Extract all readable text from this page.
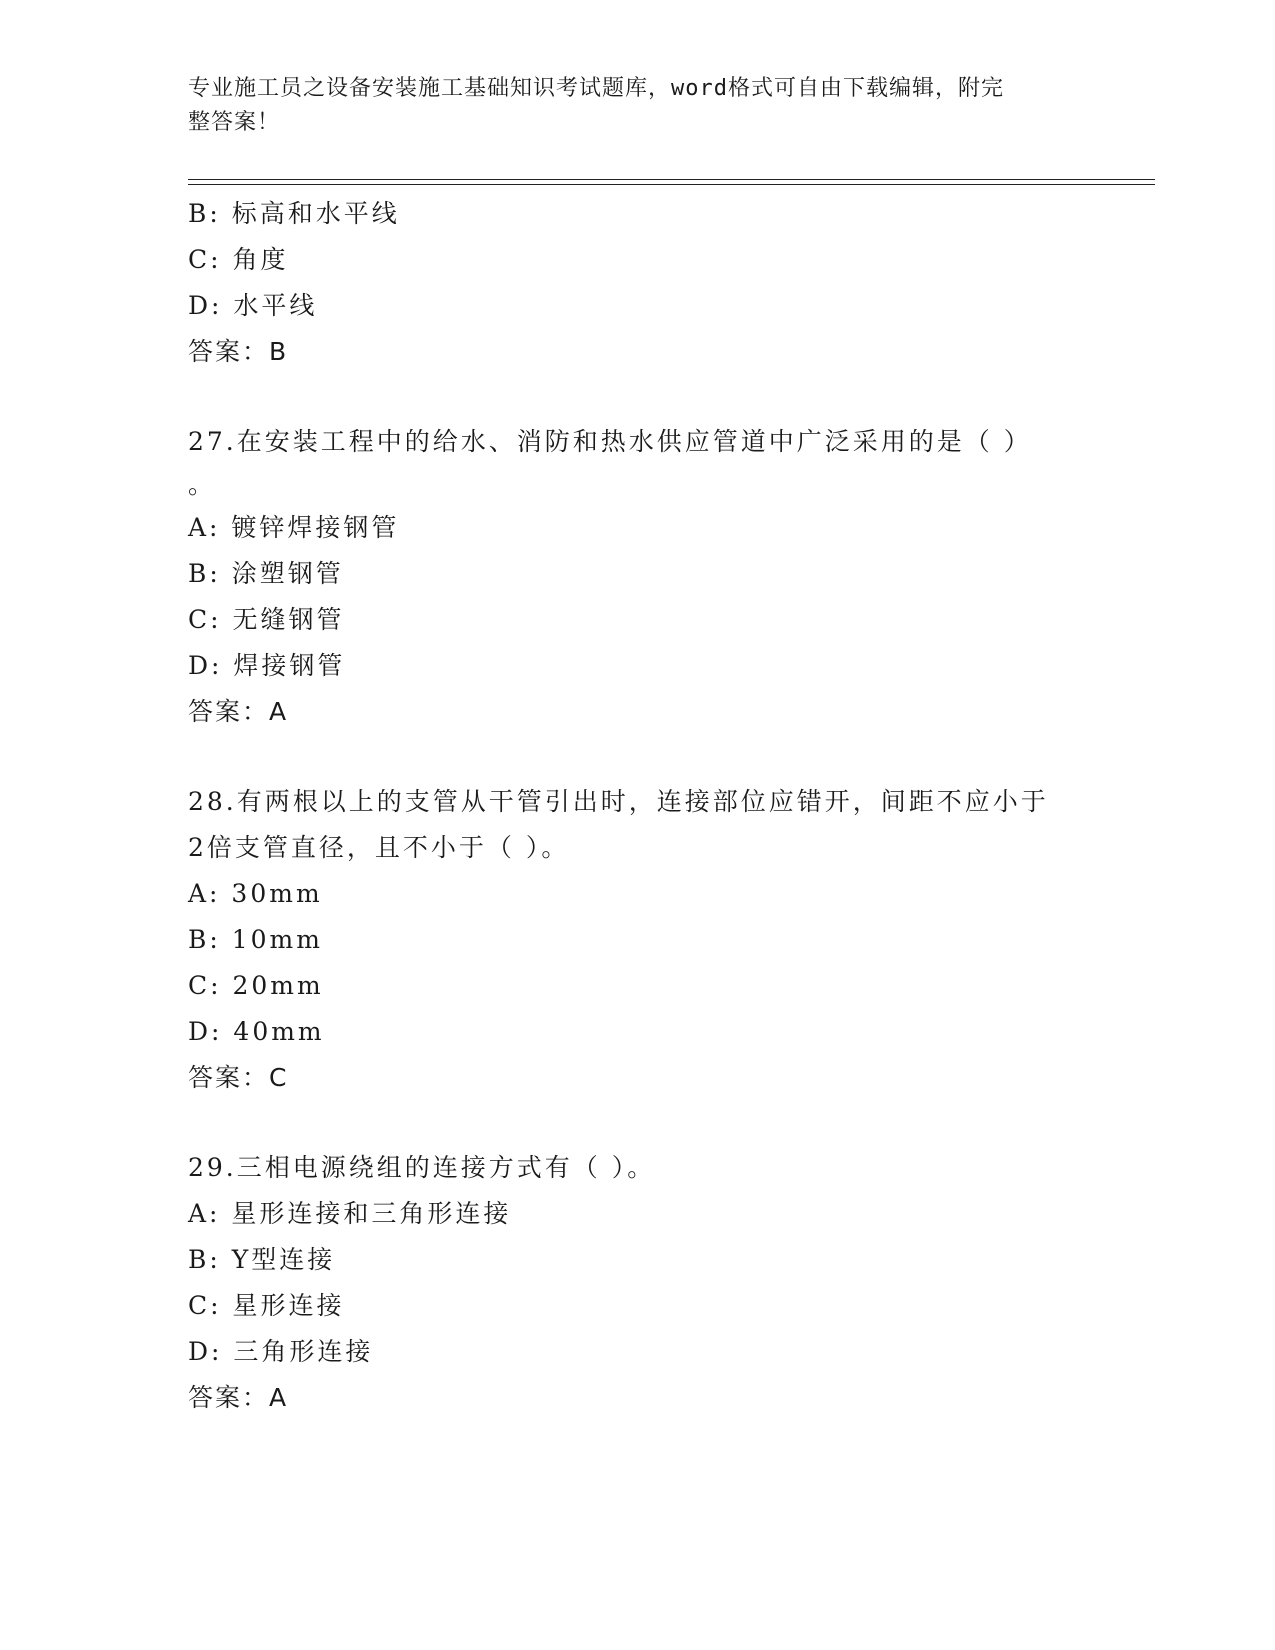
专业施工员之设备安装施工基础知识考试题库，word格式可自由下载编辑，附完
整答案！
B: 标高和水平线
C: 角度
D: 水平线
答案：B
27.在安装工程中的给水、消防和热水供应管道中广泛采用的是（ ）
。
A: 镀锌焊接钢管
B: 涂塑钢管
C: 无缝钢管
D: 焊接钢管
答案：A
28.有两根以上的支管从干管引出时，连接部位应错开，间距不应小于
2倍支管直径，且不小于（ ）。
A: 30mm
B: 10mm
C: 20mm
D: 40mm
答案：C
29.三相电源绕组的连接方式有（ ）。
A: 星形连接和三角形连接
B: Y型连接
C: 星形连接
D: 三角形连接
答案：A
